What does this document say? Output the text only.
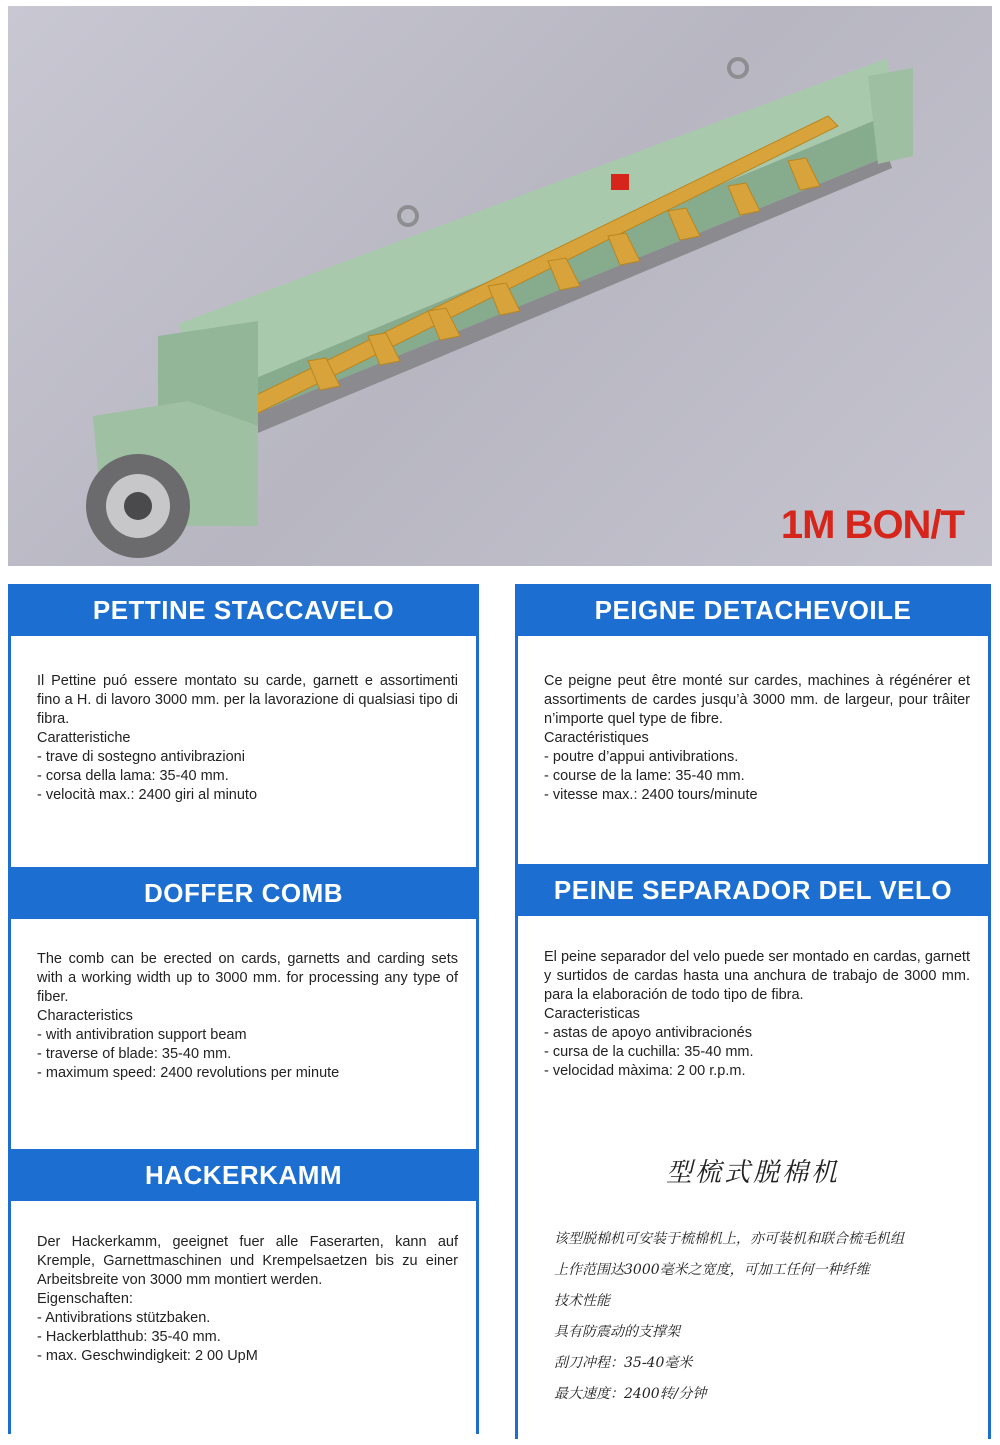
1M BON/T
PETTINE STACCAVELO

Il Pettine puó essere montato su carde, garnett e assortimenti fino a H. di lavoro 3000 mm. per la lavorazione di qualsiasi tipo di fibra.

Caratteristiche
- trave di sostegno antivibrazioni
- corsa della lama: 35-40 mm.
- velocità max.: 2400 giri al minuto
DOFFER COMB

The comb can be erected on cards, garnetts and carding sets with a working width up to 3000 mm. for processing any type of fiber.

Characteristics
- with antivibration support beam
- traverse of blade: 35-40 mm.
- maximum speed: 2400 revolutions per minute
HACKERKAMM

Der Hackerkamm, geeignet fuer alle Faserarten, kann auf Kremple, Garnettmaschinen und Krempelsaetzen bis zu einer Arbeitsbreite von 3000 mm montiert werden.

Eigenschaften:
- Antivibrations stützbaken.
- Hackerblatthub: 35-40 mm.
- max. Geschwindigkeit: 2 00 UpM
PEIGNE DETACHEVOILE

Ce peigne peut être monté sur cardes, machines à régénérer et assortiments de cardes jusqu’à 3000 mm. de largeur, pour trâiter n’importe quel type de fibre.

Caractéristiques
- poutre d’appui antivibrations.
- course de la lame: 35-40 mm.
- vitesse max.: 2400 tours/minute
PEINE SEPARADOR DEL VELO

El peine separador del velo puede ser montado en cardas, garnett y surtidos de cardas hasta una anchura de trabajo de 3000 mm. para la elaboración de todo tipo de fibra.

Caracteristicas
- astas de apoyo antivibracionés
- cursa de la cuchilla: 35-40 mm.
- velocidad màxima: 2 00 r.p.m.
型梳式脱棉机
该型脱棉机可安装于梳棉机上，亦可装机和联合梳毛机组
上作范围达3000毫米之宽度，可加工任何一种纤维
技术性能
具有防震动的支撑架
刮刀冲程：35-40毫米
最大速度：2400转/分钟
